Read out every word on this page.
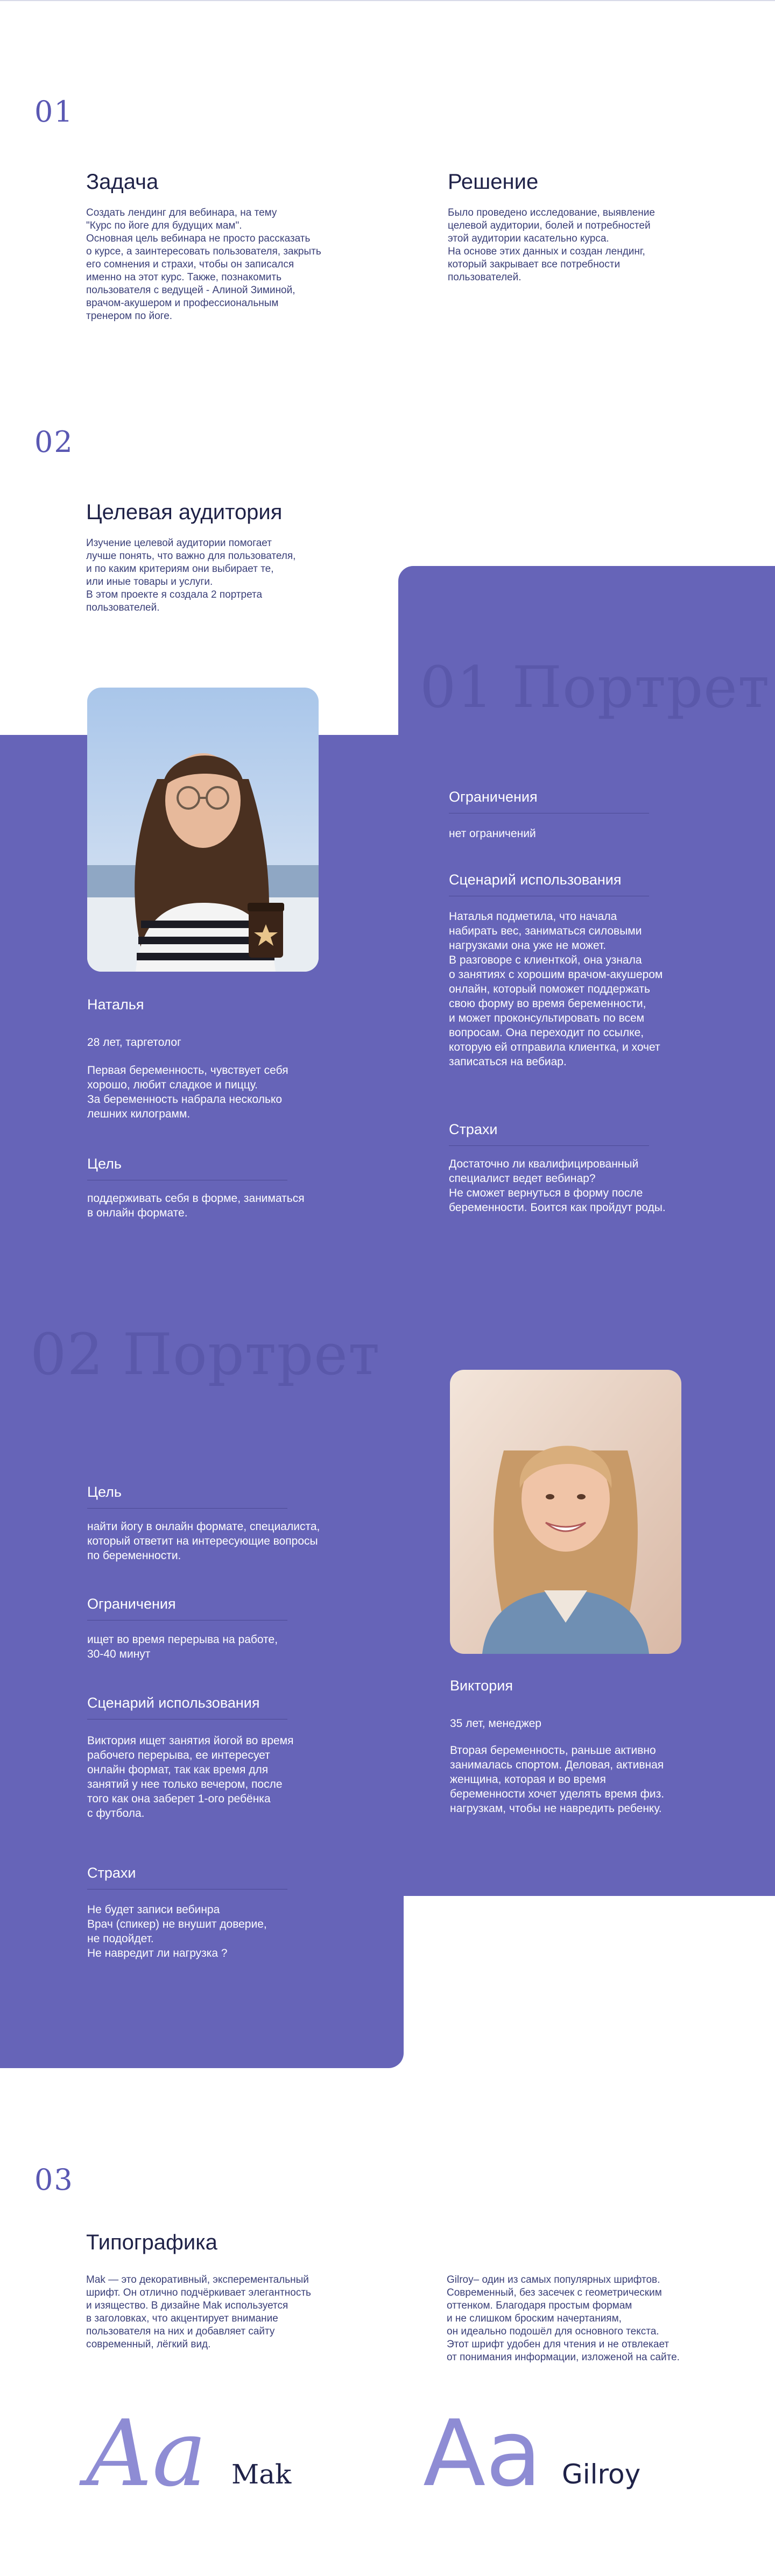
01
Задача
Создать лендинг для вебинара, на тему
"Курс по йоге для будущих мам".
Основная цель вебинара не просто рассказать
о курсе, а заинтересовать пользователя, закрыть
его сомнения и страхи, чтобы он записался
именно на этот курс. Также, познакомить
пользователя с ведущей - Алиной Зиминой,
врачом-акушером и профессиональным
тренером по йоге.
Решение
Было проведено исследование, выявление
целевой аудитории, болей и потребностей
этой аудитории касательно курса.
На основе этих данных и создан лендинг,
который закрывает все потребности
пользователей.
02
Целевая аудитория
Изучение целевой аудитории помогает
лучше понять, что важно для пользователя,
и по каким критериям они выбирает те,
или иные товары и услуги.
В этом проекте я создала 2 портрета
пользователей.
01 Портрет
Наталья
28 лет, таргетолог
Первая беременность, чувствует себя
хорошо, любит сладкое и пиццу.
За беременность набрала несколько
лешних килограмм.
Цель
поддерживать себя в форме, заниматься
в онлайн формате.
Ограничения
нет ограничений
Сценарий использования
Наталья подметила, что начала
набирать вес, заниматься силовыми
нагрузками она уже не может.
В разговоре с клиенткой, она узнала
о занятиях с хорошим врачом-акушером
онлайн, который поможет поддержать
свою форму во время беременности,
и может проконсультировать по всем
вопросам. Она переходит по ссылке,
которую ей отправила клиентка, и хочет
записаться на вебиар.
Страхи
Достаточно ли квалифицированный
специалист ведет вебинар?
Не сможет вернуться в форму после
беременности. Боится как пройдут роды.
02 Портрет
Виктория
35 лет, менеджер
Вторая беременность, раньше активно
занималась спортом. Деловая, активная
женщина, которая и во время
беременности хочет уделять время физ.
нагрузкам, чтобы не навредить ребенку.
Цель
найти йогу в онлайн формате, специалиста,
который ответит на интересующие вопросы
по беременности.
Ограничения
ищет во время перерыва на работе,
30-40 минут
Сценарий использования
Виктория ищет занятия йогой во время
рабочего перерыва, ее интересует
онлайн формат, так как время для
занятий у нее только вечером, после
того как она заберет 1-ого ребёнка
с футбола.
Страхи
Не будет записи вебинра
Врач (спикер) не внушит доверие,
не подойдет.
Не навредит ли нагрузка ?
03
Типографика
Mak — это декоративный, эксперементальный
шрифт. Он отлично подчёркивает элегантность
и изящество. В дизайне Mak используется
в заголовках, что акцентирует внимание
пользователя на них и добавляет сайту
современный, лёгкий вид.
Gilroy– один из самых популярных шрифтов.
Современный, без засечек с геометрическим
оттенком. Благодаря простым формам
и не слишком броским начертаниям,
он идеально подошёл для основного текста.
Этот шрифт удобен для чтения и не отвлекает
от понимания информации, изложеной на сайте.
Aa Mak Aa Gilroy
